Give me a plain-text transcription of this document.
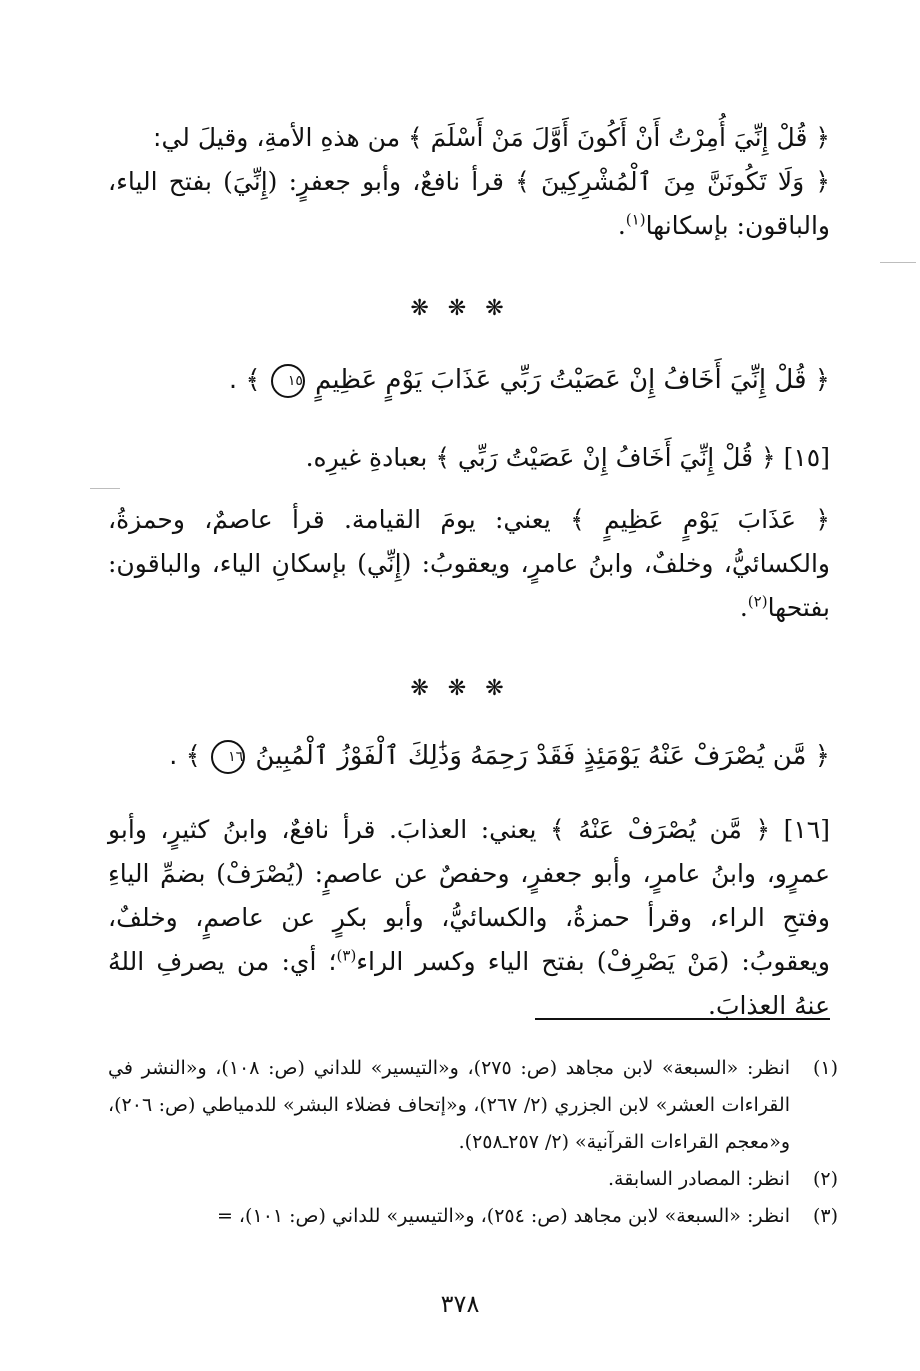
﴿ قُلْ إِنِّيَ أُمِرْتُ أَنْ أَكُونَ أَوَّلَ مَنْ أَسْلَمَ ﴾ من هذهِ الأمةِ، وقيلَ لي:
﴿ وَلَا تَكُونَنَّ مِنَ ٱلْمُشْرِكِينَ ﴾ قرأ نافعٌ، وأبو جعفرٍ: (إِنِّيَ) بفتح الياء، والباقون: بإسكانها$^{(١)}$.

❋ ❋ ❋

﴿ قُلْ إِنِّيَ أَخَافُ إِنْ عَصَيْتُ رَبِّي عَذَابَ يَوْمٍ عَظِيمٍ ١٥ ﴾ .

[١٥] ﴿ قُلْ إِنِّيَ أَخَافُ إِنْ عَصَيْتُ رَبِّي ﴾ بعبادةِ غيرِه.

﴿ عَذَابَ يَوْمٍ عَظِيمٍ ﴾ يعني: يومَ القيامة. قرأ عاصمٌ، وحمزةُ، والكسائيُّ، وخلفٌ، وابنُ عامرٍ، ويعقوبُ: (إِنِّي) بإسكانِ الياء، والباقون: بفتحها$^{(٢)}$.

❋ ❋ ❋

﴿ مَّن يُصْرَفْ عَنْهُ يَوْمَئِذٍ فَقَدْ رَحِمَهُ وَذَٰلِكَ ٱلْفَوْزُ ٱلْمُبِينُ ١٦ ﴾ .

[١٦] ﴿ مَّن يُصْرَفْ عَنْهُ ﴾ يعني: العذابَ. قرأ نافعٌ، وابنُ كثيرٍ، وأبو عمرٍو، وابنُ عامرٍ، وأبو جعفرٍ، وحفصٌ عن عاصمٍ: (يُصْرَفْ) بضمِّ الياءِ وفتحِ الراء، وقرأ حمزةُ، والكسائيُّ، وأبو بكرٍ عن عاصمٍ، وخلفٌ، ويعقوبُ: (مَنْ يَصْرِفْ) بفتح الياء وكسر الراء$^{(٣)}$؛ أي: من يصرفِ اللهُ عنهُ العذابَ.

(١)
انظر: «السبعة» لابن مجاهد (ص: ٢٧٥)، و«التيسير» للداني (ص: ١٠٨)، و«النشر في القراءات العشر» لابن الجزري (٢/ ٢٦٧)، و«إتحاف فضلاء البشر» للدمياطي (ص: ٢٠٦)، و«معجم القراءات القرآنية» (٢/ ٢٥٧ـ٢٥٨).
(٢)
انظر: المصادر السابقة.
(٣)
انظر: «السبعة» لابن مجاهد (ص: ٢٥٤)، و«التيسير» للداني (ص: ١٠١)، =
٣٧٨
